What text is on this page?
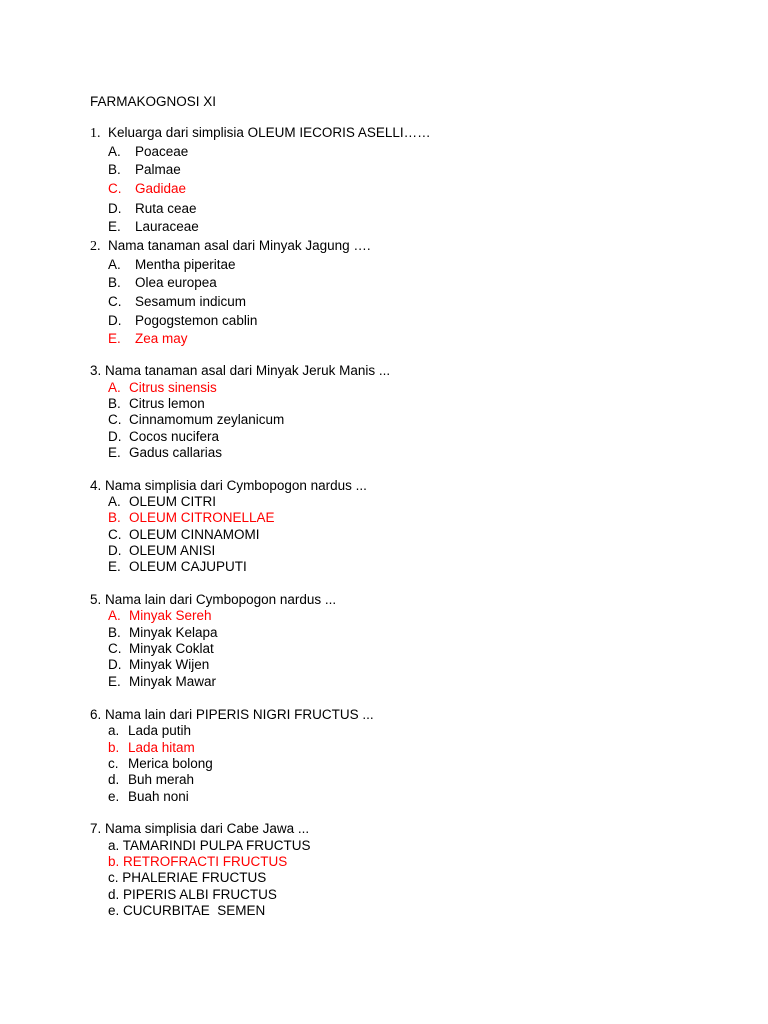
FARMAKOGNOSI XI
1. Keluarga dari simplisia OLEUM IECORIS ASELLI……
A. Poaceae
B. Palmae
C. Gadidae
D. Ruta ceae
E. Lauraceae
2. Nama tanaman asal dari Minyak Jagung ….
A. Mentha piperitae
B. Olea europea
C. Sesamum indicum
D. Pogogstemon cablin
E. Zea may
3. Nama tanaman asal dari Minyak Jeruk Manis ...
A. Citrus sinensis
B. Citrus lemon
C. Cinnamomum zeylanicum
D. Cocos nucifera
E. Gadus callarias
4. Nama simplisia dari Cymbopogon nardus ...
A. OLEUM CITRI
B. OLEUM CITRONELLAE
C. OLEUM CINNAMOMI
D. OLEUM ANISI
E. OLEUM CAJUPUTI
5. Nama lain dari Cymbopogon nardus ...
A. Minyak Sereh
B. Minyak Kelapa
C. Minyak Coklat
D. Minyak Wijen
E. Minyak Mawar
6. Nama lain dari PIPERIS NIGRI FRUCTUS ...
a. Lada putih
b. Lada hitam
c. Merica bolong
d. Buh merah
e. Buah noni
7. Nama simplisia dari Cabe Jawa ...
a. TAMARINDI PULPA FRUCTUS
b. RETROFRACTI FRUCTUS
c. PHALERIAE FRUCTUS
d. PIPERIS ALBI FRUCTUS
e. CUCURBITAE  SEMEN
